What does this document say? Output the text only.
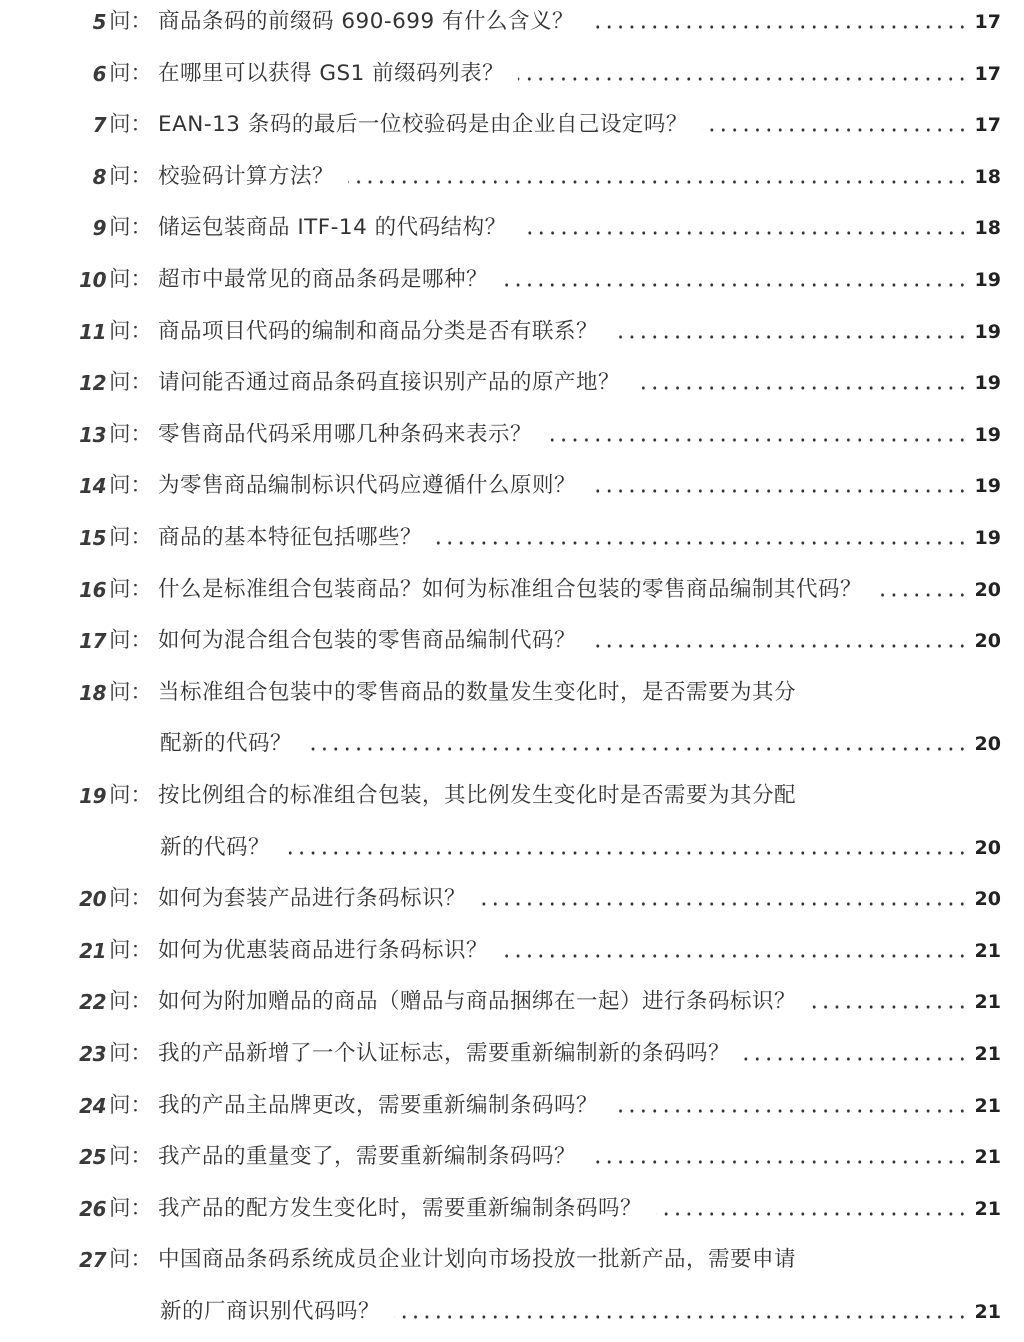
5 问： 商品条码的前缀码 690-699 有什么含义？	17
6 问： 在哪里可以获得 GS1 前缀码列表？	17
7 问： EAN-13 条码的最后一位校验码是由企业自己设定吗？	17
8 问： 校验码计算方法？	18
9 问： 储运包装商品 ITF-14 的代码结构？	18
10 问： 超市中最常见的商品条码是哪种？	19
11 问： 商品项目代码的编制和商品分类是否有联系？	19
12 问： 请问能否通过商品条码直接识别产品的原产地？	19
13 问： 零售商品代码采用哪几种条码来表示？	19
14 问： 为零售商品编制标识代码应遵循什么原则？	19
15 问： 商品的基本特征包括哪些？	19
16 问： 什么是标准组合包装商品？如何为标准组合包装的零售商品编制其代码？	20
17 问： 如何为混合组合包装的零售商品编制代码？	20
18 问： 当标准组合包装中的零售商品的数量发生变化时，是否需要为其分
配新的代码？	20
19 问： 按比例组合的标准组合包装，其比例发生变化时是否需要为其分配
新的代码？	20
20 问： 如何为套装产品进行条码标识？	20
21 问： 如何为优惠装商品进行条码标识？	21
22 问： 如何为附加赠品的商品（赠品与商品捆绑在一起）进行条码标识？	21
23 问： 我的产品新增了一个认证标志，需要重新编制新的条码吗？	21
24 问： 我的产品主品牌更改，需要重新编制条码吗？	21
25 问： 我产品的重量变了，需要重新编制条码吗？	21
26 问： 我产品的配方发生变化时，需要重新编制条码吗？	21
27 问： 中国商品条码系统成员企业计划向市场投放一批新产品，需要申请
新的厂商识别代码吗？	21
